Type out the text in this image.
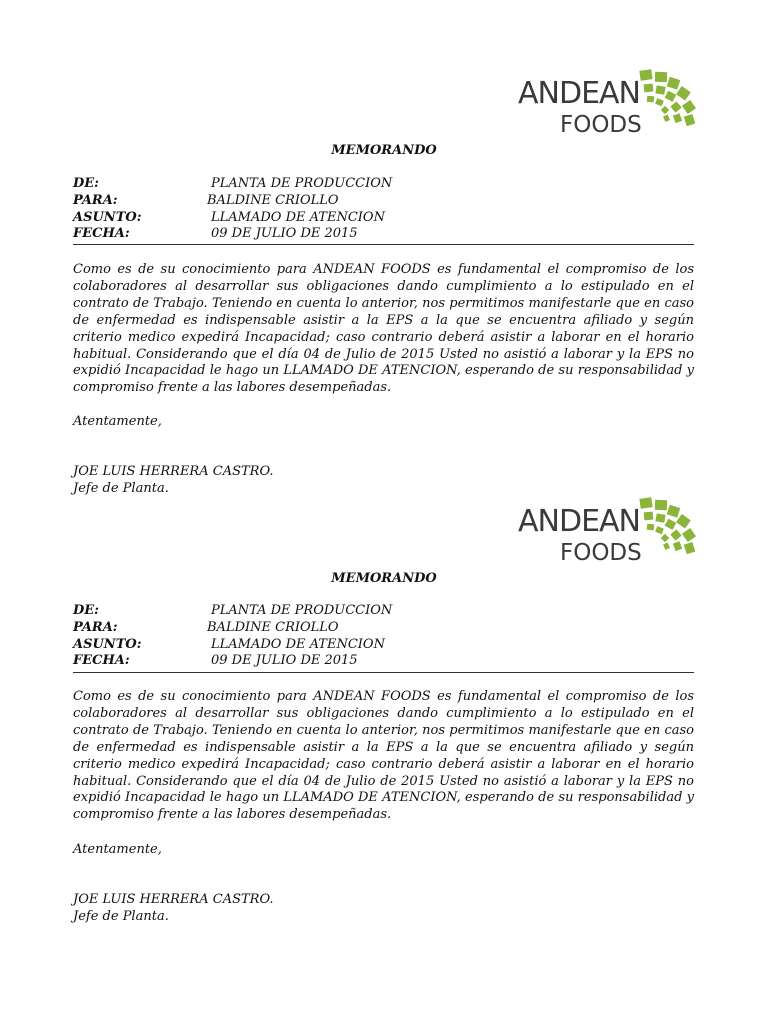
ANDEAN
FOODS
MEMORANDO
DE:	PLANTA DE PRODUCCION
PARA:	BALDINE CRIOLLO
ASUNTO:	LLAMADO DE ATENCION
FECHA:	09 DE JULIO DE 2015
Como es de su conocimiento para ANDEAN FOODS es fundamental el compromiso de los colaboradores al desarrollar sus obligaciones dando cumplimiento a lo estipulado en el contrato de Trabajo. Teniendo en cuenta lo anterior, nos permitimos manifestarle que en caso de enfermedad es indispensable asistir a la EPS a la que se encuentra afiliado y según criterio medico expedirá Incapacidad; caso contrario deberá asistir a laborar en el horario habitual. Considerando que el día 04 de Julio de 2015 Usted no asistió a laborar y la EPS no expidió Incapacidad le hago un LLAMADO DE ATENCION, esperando de su responsabilidad y compromiso frente a las labores desempeñadas.
Atentamente,
JOE LUIS HERRERA CASTRO.
Jefe de Planta.
ANDEAN
FOODS
MEMORANDO
DE:	PLANTA DE PRODUCCION
PARA:	BALDINE CRIOLLO
ASUNTO:	LLAMADO DE ATENCION
FECHA:	09 DE JULIO DE 2015
Como es de su conocimiento para ANDEAN FOODS es fundamental el compromiso de los colaboradores al desarrollar sus obligaciones dando cumplimiento a lo estipulado en el contrato de Trabajo. Teniendo en cuenta lo anterior, nos permitimos manifestarle que en caso de enfermedad es indispensable asistir a la EPS a la que se encuentra afiliado y según criterio medico expedirá Incapacidad; caso contrario deberá asistir a laborar en el horario habitual. Considerando que el día 04 de Julio de 2015 Usted no asistió a laborar y la EPS no expidió Incapacidad le hago un LLAMADO DE ATENCION, esperando de su responsabilidad y compromiso frente a las labores desempeñadas.
Atentamente,
JOE LUIS HERRERA CASTRO.
Jefe de Planta.
